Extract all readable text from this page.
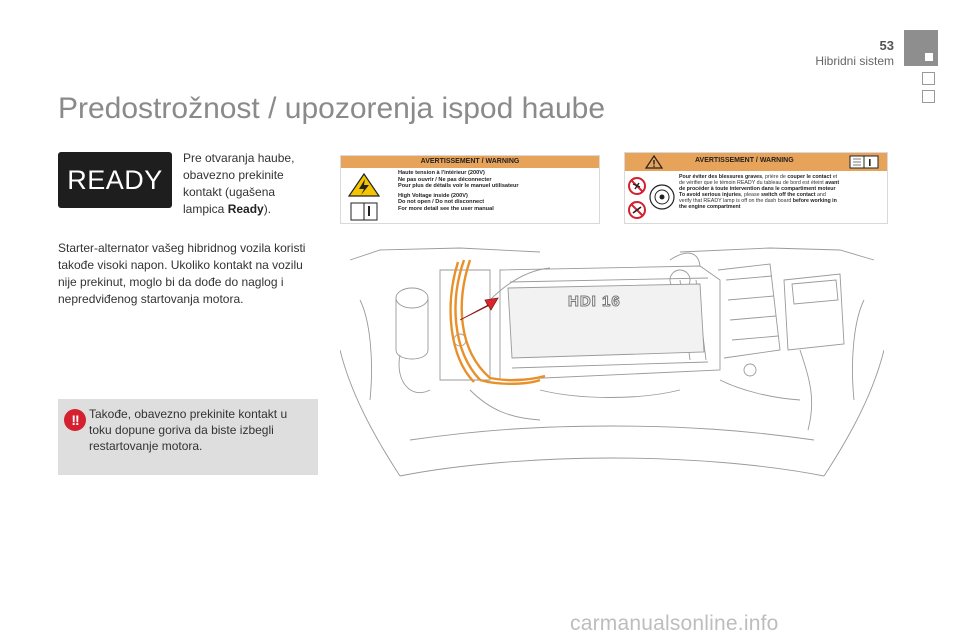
53
Hibridni sistem
Predostrožnost / upozorenja ispod haube
READY
Pre otvaranja haube, obavezno prekinite kontakt (ugašena lampica Ready).
Starter-alternator vašeg hibridnog vozila koristi takođe visoki napon. Ukoliko kontakt na vozilu nije prekinut, moglo bi da dođe do naglog i nepredviđenog startovanja motora.
!! Takođe, obavezno prekinite kontakt u toku dopune goriva da biste izbegli restartovanje motora.
AVERTISSEMENT / WARNING
Haute tension à l'intérieur (200V)
Ne pas ouvrir / Ne pas déconnecter
Pour plus de détails voir le manuel utilisateur
High Voltage inside (200V)
Do not open / Do not disconnect
For more detail see the user manual
AVERTISSEMENT / WARNING
Pour éviter des blessures graves, prière de couper le contact et
de vérifier que le témoin READY du tableau de bord est éteint avant
de procéder à toute intervention dans le compartiment moteur
To avoid serious injuries, please switch off the contact and
verify that READY lamp is off on the dash board before working in
the engine compartment
HDI 16
carmanualsonline.info
